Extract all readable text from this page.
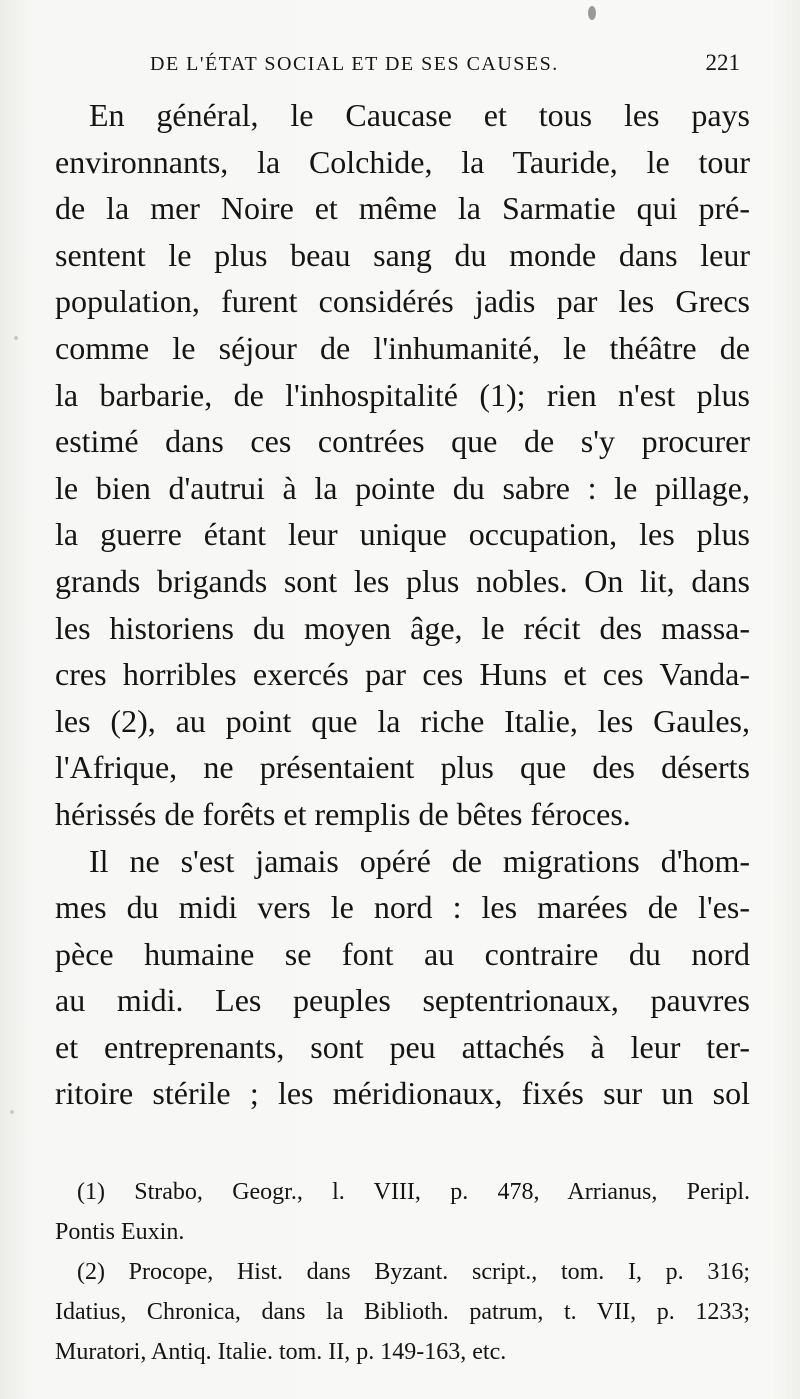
DE L'ÉTAT SOCIAL ET DE SES CAUSES.	221
En général, le Caucase et tous les pays
environnants, la Colchide, la Tauride, le tour
de la mer Noire et même la Sarmatie qui pré-
sentent le plus beau sang du monde dans leur
population, furent considérés jadis par les Grecs
comme le séjour de l'inhumanité, le théâtre de
la barbarie, de l'inhospitalité (1); rien n'est plus
estimé dans ces contrées que de s'y procurer
le bien d'autrui à la pointe du sabre : le pillage,
la guerre étant leur unique occupation, les plus
grands brigands sont les plus nobles. On lit, dans
les historiens du moyen âge, le récit des massa-
cres horribles exercés par ces Huns et ces Vanda-
les (2), au point que la riche Italie, les Gaules,
l'Afrique, ne présentaient plus que des déserts
hérissés de forêts et remplis de bêtes féroces.
Il ne s'est jamais opéré de migrations d'hom-
mes du midi vers le nord : les marées de l'es-
pèce humaine se font au contraire du nord
au midi. Les peuples septentrionaux, pauvres
et entreprenants, sont peu attachés à leur ter-
ritoire stérile ; les méridionaux, fixés sur un sol
(1) Strabo, Geogr., l. VIII, p. 478, Arrianus, Peripl.
Pontis Euxin.
(2) Procope, Hist. dans Byzant. script., tom. I, p. 316;
Idatius, Chronica, dans la Biblioth. patrum, t. VII, p. 1233;
Muratori, Antiq. Italie. tom. II, p. 149-163, etc.
